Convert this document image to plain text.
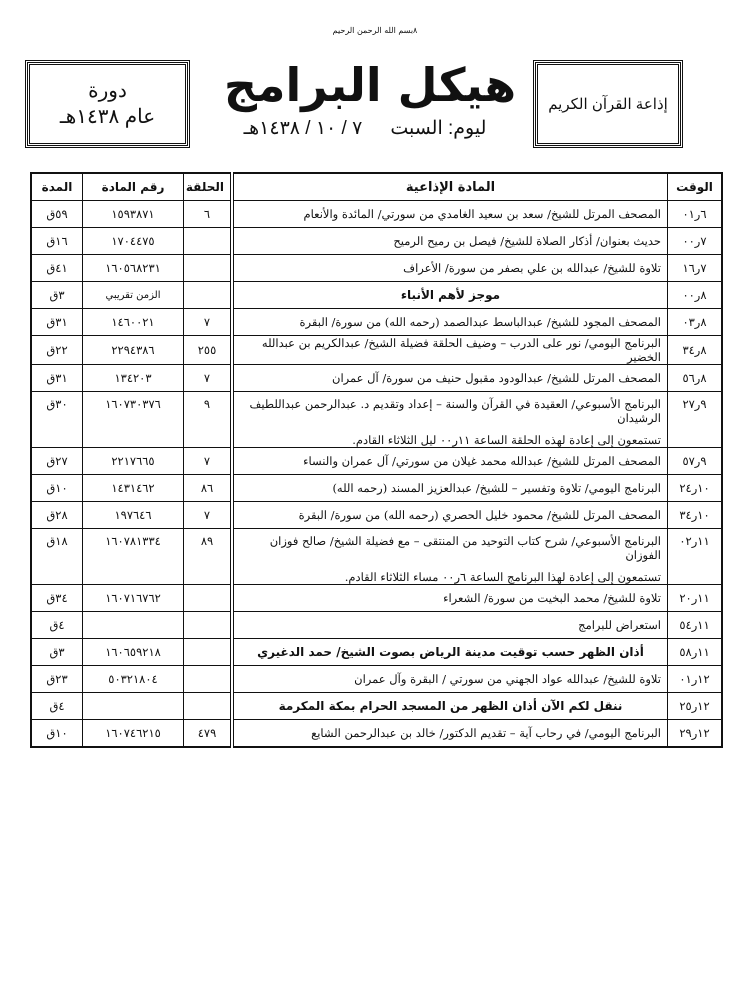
٨بسم الله الرحمن الرحيم
إذاعة القرآن الكريم
هيكل البرامج
ليوم: السبت٧ / ١٠ / ١٤٣٨هـ
دورة
عام ١٤٣٨هـ
الوقت	المادة الإذاعية	الحلقة	رقم المادة	المدة
٦ر٠١	المصحف المرتل للشيخ/ سعد بن سعيد الغامدي من سورتي/ المائدة والأنعام	٦	١٥٩٣٨٧١	٥٩ق
٧ر٠٠	حديث بعنوان/ أذكار الصلاة للشيخ/ فيصل بن رميح الرميح		١٧٠٤٤٧٥	١٦ق
٧ر١٦	تلاوة للشيخ/ عبدالله بن علي بصفر من سورة/ الأعراف		١٦٠٥٦٨٢٣١	٤١ق
٨ر٠٠	موجز لأهم الأنباء		الزمن تقريبي	٣ق
٨ر٠٣	المصحف المجود للشيخ/ عبدالباسط عبدالصمد (رحمه الله) من سورة/ البقرة	٧	١٤٦٠٠٢١	٣١ق
٨ر٣٤	البرنامج اليومي/ نور على الدرب – وضيف الحلقة فضيلة الشيخ/ عبدالكريم بن عبدالله الخضير	٢٥٥	٢٢٩٤٣٨٦	٢٢ق
٨ر٥٦	المصحف المرتل للشيخ/ عبدالودود مقبول حنيف من سورة/ آل عمران	٧	١٣٤٢٠٣	٣١ق
٩ر٢٧	البرنامج الأسبوعي/ العقيدة في القرآن والسنة – إعداد وتقديم د. عبدالرحمن عبداللطيف الرشيدان
تستمعون إلى إعادة لهذه الحلقة الساعة ١١ر٠٠ ليل الثلاثاء القادم.	٩	١٦٠٧٣٠٣٧٦	٣٠ق
٩ر٥٧	المصحف المرتل للشيخ/ عبدالله محمد غيلان من سورتي/ آل عمران والنساء	٧	٢٢١٧٦٦٥	٢٧ق
١٠ر٢٤	البرنامج اليومي/ تلاوة وتفسير – للشيخ/ عبدالعزيز المسند (رحمه الله)	٨٦	١٤٣١٤٦٢	١٠ق
١٠ر٣٤	المصحف المرتل للشيخ/ محمود خليل الحصري (رحمه الله) من سورة/ البقرة	٧	١٩٧٦٤٦	٢٨ق
١١ر٠٢	البرنامج الأسبوعي/ شرح كتاب التوحيد من المنتقى – مع فضيلة الشيخ/ صالح فوزان الفوزان
تستمعون إلى إعادة لهذا البرنامج الساعة ٦ر٠٠ مساء الثلاثاء القادم.	٨٩	١٦٠٧٨١٣٣٤	١٨ق
١١ر٢٠	تلاوة للشيخ/ محمد البخيت من سورة/ الشعراء		١٦٠٧١٦٧٦٢	٣٤ق
١١ر٥٤	استعراض للبرامج			٤ق
١١ر٥٨	أذان الظهر حسب توقيت مدينة الرياض بصوت الشيخ/ حمد الدغيري		١٦٠٦٥٩٢١٨	٣ق
١٢ر٠١	تلاوة للشيخ/ عبدالله عواد الجهني من سورتي / البقرة وآل عمران		٥٠٣٢١٨٠٤	٢٣ق
١٢ر٢٥	ننقل لكم الآن أذان الظهر من المسجد الحرام بمكة المكرمة			٤ق
١٢ر٢٩	البرنامج اليومي/ في رحاب آية – تقديم الدكتور/ خالد بن عبدالرحمن الشايع	٤٧٩	١٦٠٧٤٦٢١٥	١٠ق
